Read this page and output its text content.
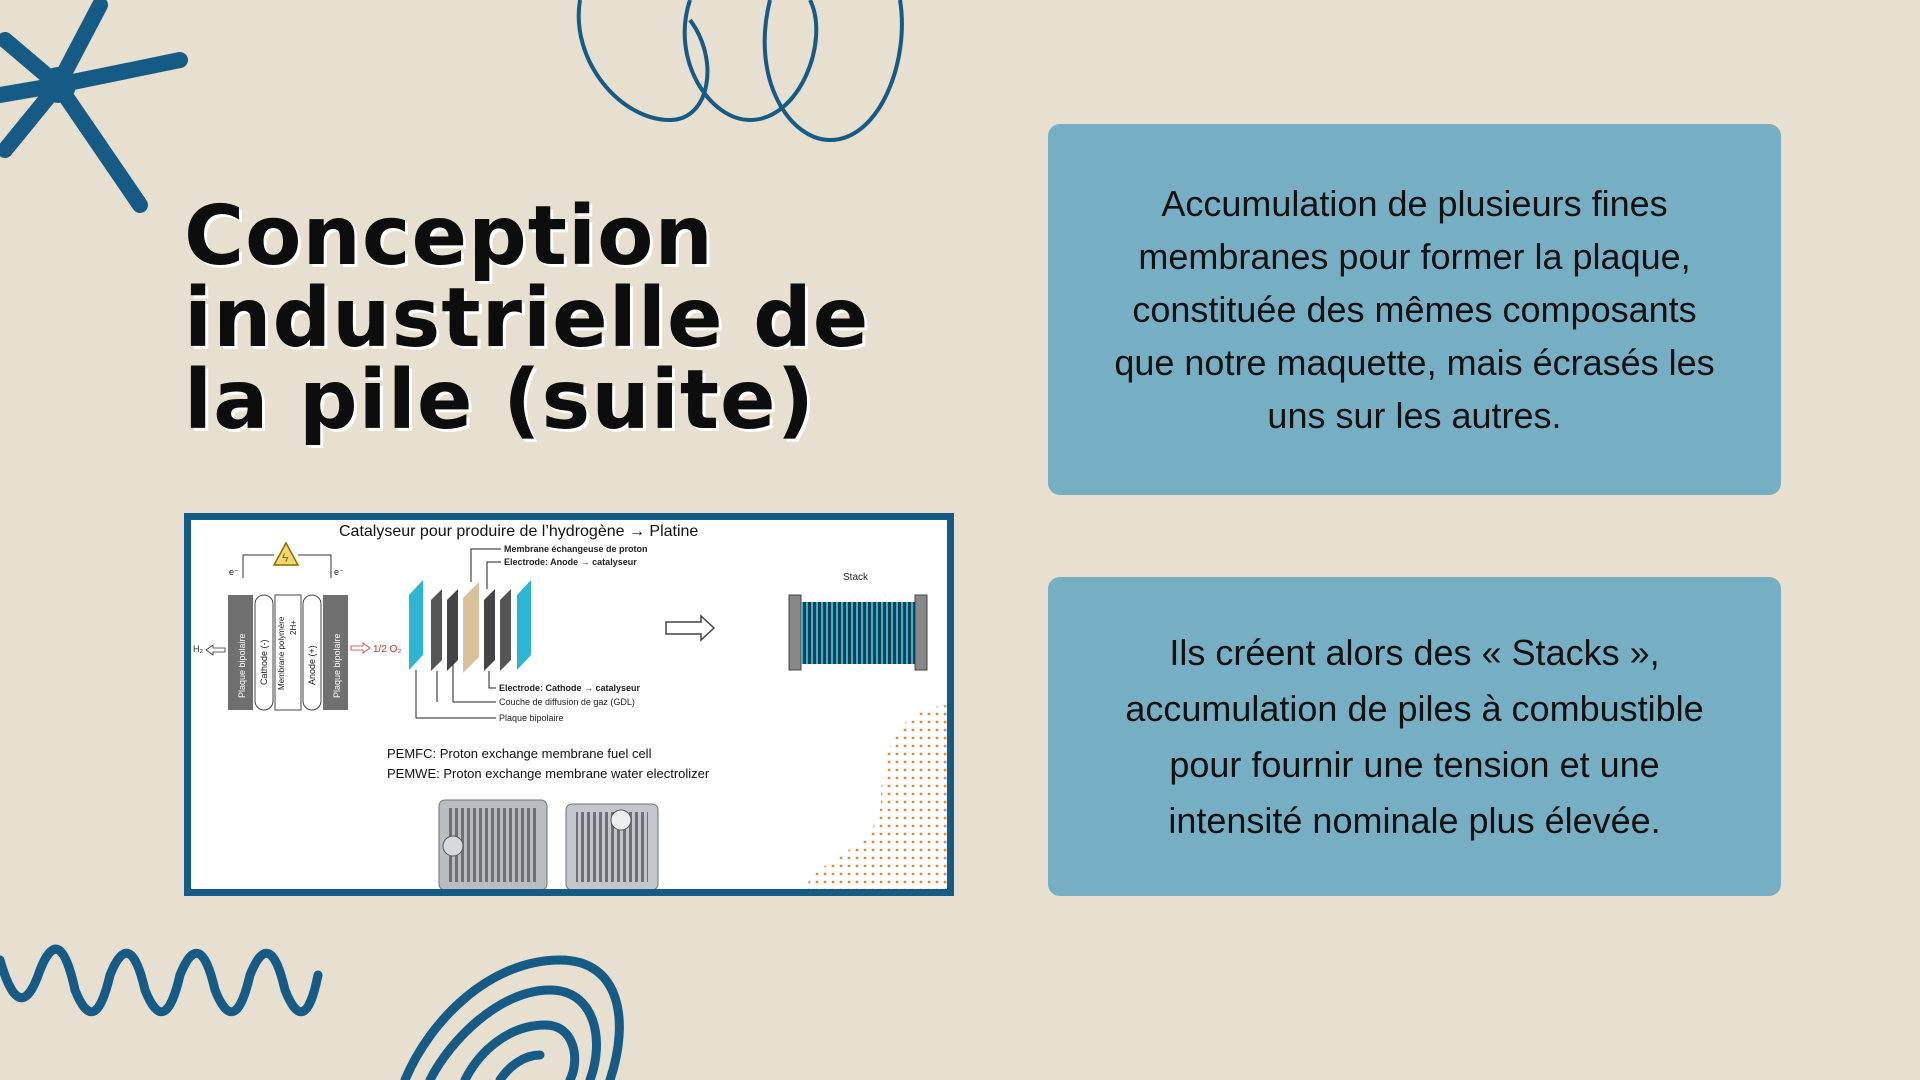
Conception
industrielle de
la pile (suite)
Catalyseur pour produire de l’hydrogène → Platine
ϟ
e⁻	e⁻
Plaque bipolaire Cathode (-) Membrane polymère 2H+
Anode (+) Plaque bipolaire
H₂	1/2 O₂
Membrane échangeuse de proton
Electrode: Anode → catalyseur
Electrode: Cathode → catalyseur
Couche de diffusion de gaz (GDL)
Plaque bipolaire
Stack
PEMFC: Proton exchange membrane fuel cell
PEMWE: Proton exchange membrane water electrolizer

Accumulation de plusieurs fines membranes pour former la plaque, constituée des mêmes composants que notre maquette, mais écrasés les uns sur les autres.

Ils créent alors des « Stacks », accumulation de piles à combustible pour fournir une tension et une intensité nominale plus élevée.
